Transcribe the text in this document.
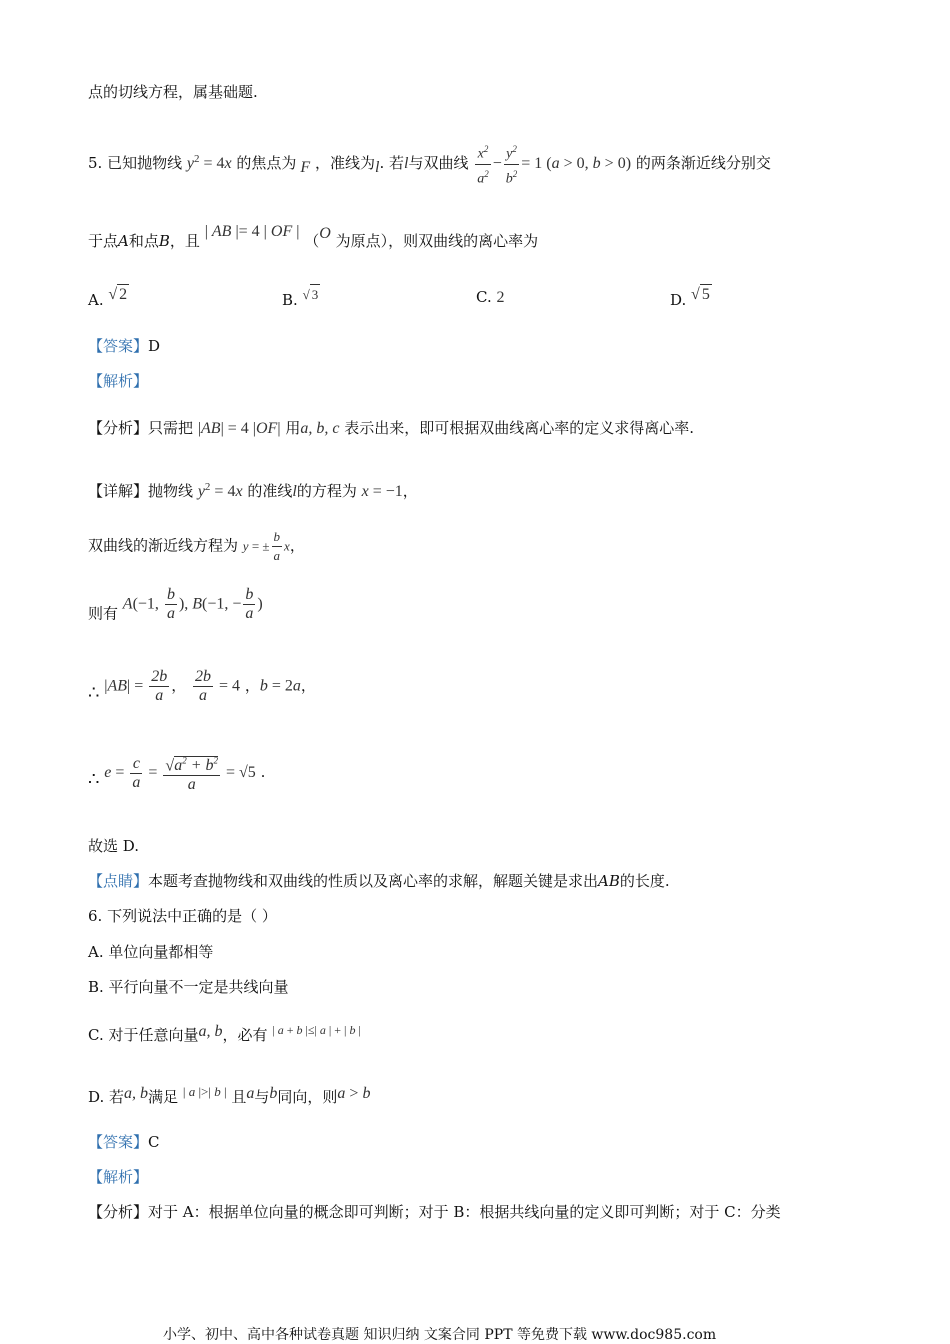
点的切线方程，属基础题.
5. 已知抛物线 $y^2 = 4x$ 的焦点为 F ，准线为l. 若l与双曲线 $\frac{x^2}{a^2} - \frac{y^2}{b^2} = 1$ (a > 0, b > 0) 的两条渐近线分别交
于点A和点B，且 | AB |= 4 | OF | （O 为原点），则双曲线的离心率为
A. √ 2	B. √ 3	C. 2	D. √ 5
【答案】D
【解析】
【分析】只需把 |AB| = 4 |OF| 用a, b, c 表示出来，即可根据双曲线离心率的定义求得离心率.
【详解】抛物线 $y^2 = 4x$ 的准线l的方程为 x = −1，
双曲线的渐近线方程为 y = ± $\frac{b}{a}$ x，
则有 A(−1, $\frac{b}{a}$ ), B(−1, − $\frac{b}{a}$ )
∴ $|AB| = \frac{2b}{a}$ ， $\frac{2b}{a} = 4$ ，b = 2a，
∴ $e = \frac{c}{a} = \frac{√a^2 + b^2}{a} = √5$ .
故选 D.
【点睛】本题考查抛物线和双曲线的性质以及离心率的求解，解题关键是求出AB的长度.
6. 下列说法中正确的是（ ）
A. 单位向量都相等
B. 平行向量不一定是共线向量
C. 对于任意向量a, b，必有 | $^a$ + $^b$ |≤| $^a$ | + | $^b$ |
D. 若a, b满足 | a |>| b | 且a与b同向，则a > b
【答案】C
【解析】
【分析】对于 A：根据单位向量的概念即可判断；对于 B：根据共线向量的定义即可判断；对于 C：分类
小学、初中、高中各种试卷真题 知识归纳 文案合同 PPT 等免费下载 www.doc985.com
